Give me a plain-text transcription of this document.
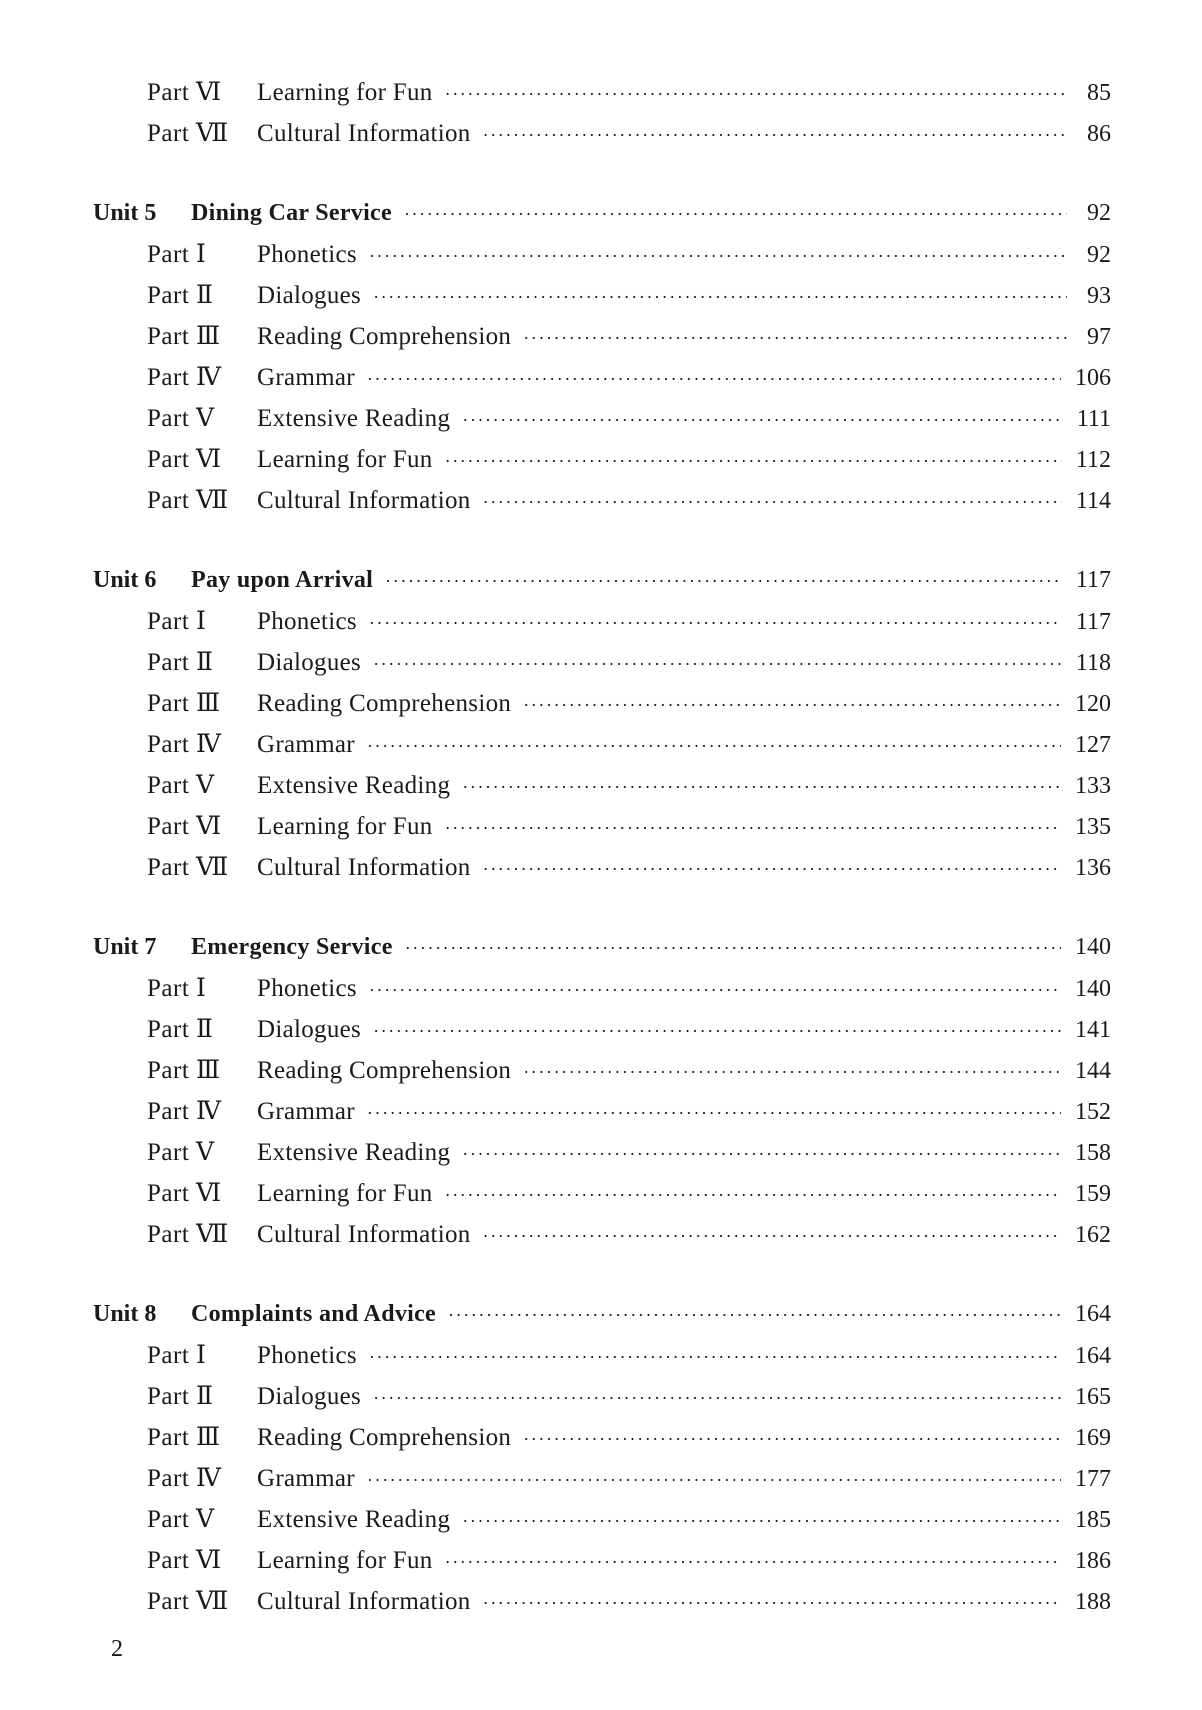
Part Ⅵ	Learning for Fun ·····	85
Part Ⅶ	Cultural Information ·····	86
Unit 5	Dining Car Service ·····	92
Part Ⅰ	Phonetics ·····	92
Part Ⅱ	Dialogues ·····	93
Part Ⅲ	Reading Comprehension ·····	97
Part Ⅳ	Grammar ·····	106
Part Ⅴ	Extensive Reading ·····	111
Part Ⅵ	Learning for Fun ·····	112
Part Ⅶ	Cultural Information ·····	114
Unit 6	Pay upon Arrival ·····	117
Part Ⅰ	Phonetics ·····	117
Part Ⅱ	Dialogues ·····	118
Part Ⅲ	Reading Comprehension ·····	120
Part Ⅳ	Grammar ·····	127
Part Ⅴ	Extensive Reading ·····	133
Part Ⅵ	Learning for Fun ·····	135
Part Ⅶ	Cultural Information ·····	136
Unit 7	Emergency Service ·····	140
Part Ⅰ	Phonetics ·····	140
Part Ⅱ	Dialogues ·····	141
Part Ⅲ	Reading Comprehension ·····	144
Part Ⅳ	Grammar ·····	152
Part Ⅴ	Extensive Reading ·····	158
Part Ⅵ	Learning for Fun ·····	159
Part Ⅶ	Cultural Information ·····	162
Unit 8	Complaints and Advice ·····	164
Part Ⅰ	Phonetics ·····	164
Part Ⅱ	Dialogues ·····	165
Part Ⅲ	Reading Comprehension ·····	169
Part Ⅳ	Grammar ·····	177
Part Ⅴ	Extensive Reading ·····	185
Part Ⅵ	Learning for Fun ·····	186
Part Ⅶ	Cultural Information ·····	188
2
